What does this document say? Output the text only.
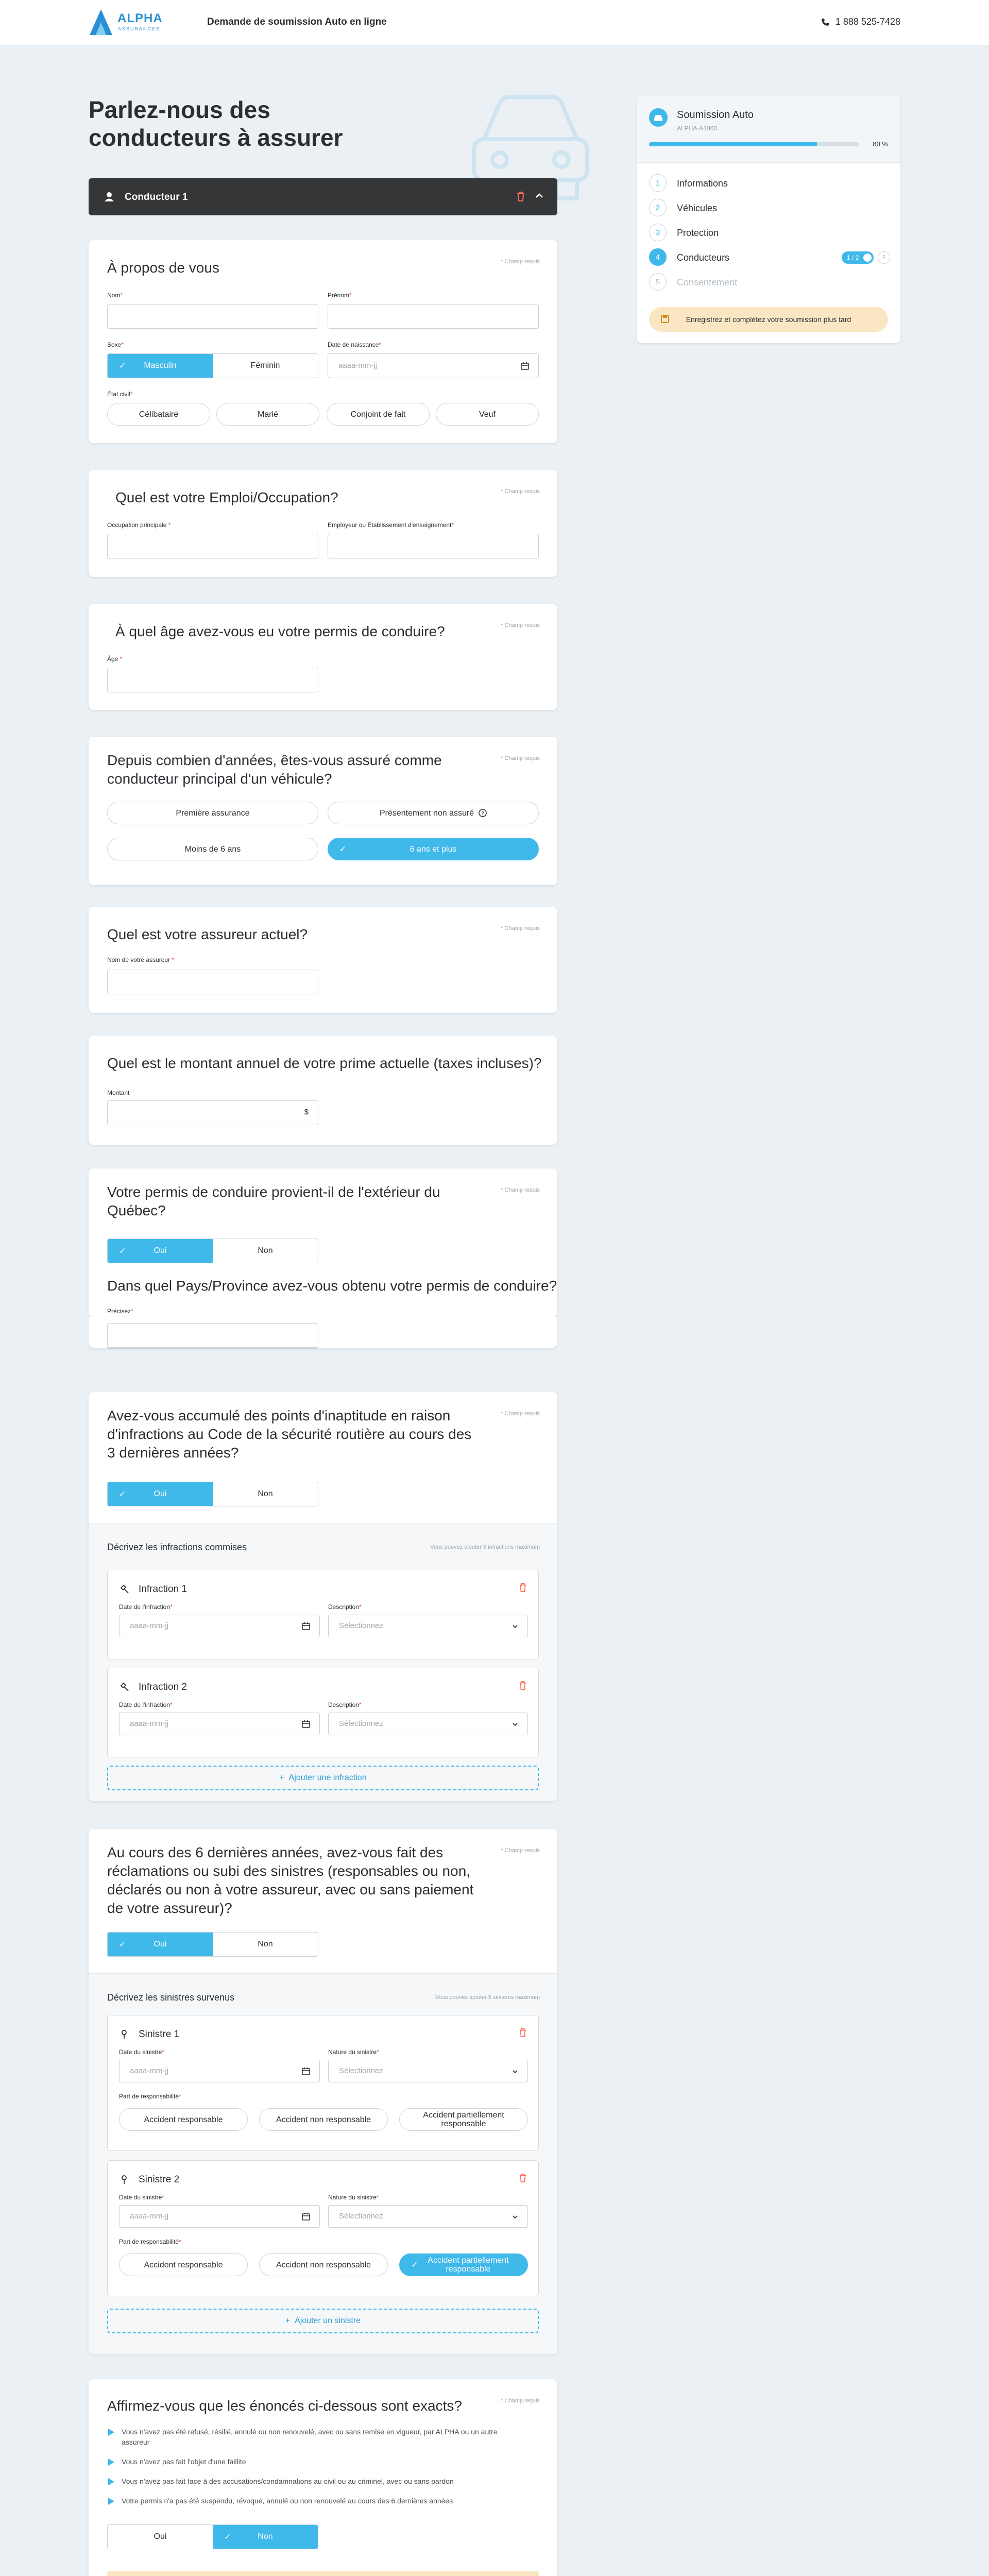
ALPHA
ASSURANCES
Demande de soumission Auto en ligne	1 888 525-7428
Parlez-nous des conducteurs à assurer
Soumission Auto
ALPHA-A1000
80 %
1	Informations
2	Véhicules
3	Protection
4	Conducteurs	1 / 2	2
5	Consentement
Enregistrez et complétez votre soumission plus tard
Conducteur 1
À propos de vous	* Champ requis
Nom*	Prénom*
Sexe*
✓ Masculin	Féminin
Date de naissance*
aaaa-mm-jj
État civil*
Célibataire	Marié	Conjoint de fait	Veuf
Quel est votre Emploi/Occupation?	* Champ requis
Occupation principale *	Employeur ou Établissement d'enseignement*
À quel âge avez-vous eu votre permis de conduire?	* Champ requis
Âge *
Depuis combien d'années, êtes-vous assuré comme conducteur principal d'un véhicule?
* Champ requis
Première assurance	Présentement non assuré
?
Moins de 6 ans	✓	6 ans et plus
Quel est votre assureur actuel?	* Champ requis
Nom de votre assureur *
Quel est le montant annuel de votre prime actuelle (taxes incluses)?
Montant
$
Votre permis de conduire provient-il de l'extérieur du Québec?
* Champ requis
✓ Oui	Non
Dans quel Pays/Province avez-vous obtenu votre permis de conduire?
Précisez*
Avez-vous accumulé des points d'inaptitude en raison d'infractions au Code de la sécurité routière au cours des 3 dernières années?
* Champ requis
✓ Oui	Non
Décrivez les infractions commises	Vous pouvez ajouter 5 infractions maximum
Infraction 1
Date de l'infraction*
aaaa-mm-jj
Description*
Sélectionnez
Infraction 2
Date de l'infraction*
aaaa-mm-jj
Description*
Sélectionnez
+ Ajouter une infraction
Au cours des 6 dernières années, avez-vous fait des réclamations ou subi des sinistres (responsables ou non, déclarés ou non à votre assureur, avec ou sans paiement de votre assureur)?
* Champ requis
✓ Oui	Non
Décrivez les sinistres survenus	Vous pouvez ajouter 5 sinistres maximum
Sinistre 1
Date du sinistre*
aaaa-mm-jj
Nature du sinistre*
Sélectionnez
Part de responsabilité*
Accident responsable	Accident non responsable	Accident partiellement responsable
Sinistre 2
Date du sinistre*
aaaa-mm-jj
Nature du sinistre*
Sélectionnez
Part de responsabilité*
Accident responsable	Accident non responsable	✓	Accident partiellement responsable
+ Ajouter un sinistre
Affirmez-vous que les énoncés ci-dessous sont exacts?	* Champ requis
Vous n'avez pas été refusé, résilié, annulé ou non renouvelé, avec ou sans remise en vigueur, par ALPHA ou un autre assureur
Vous n'avez pas fait l'objet d'une faillite
Vous n'avez pas fait face à des accusations/condamnations au civil ou au criminel, avec ou sans pardon
Votre permis n'a pas été suspendu, révoqué, annulé ou non renouvelé au cours des 6 dernières années
Oui
✓	Non
